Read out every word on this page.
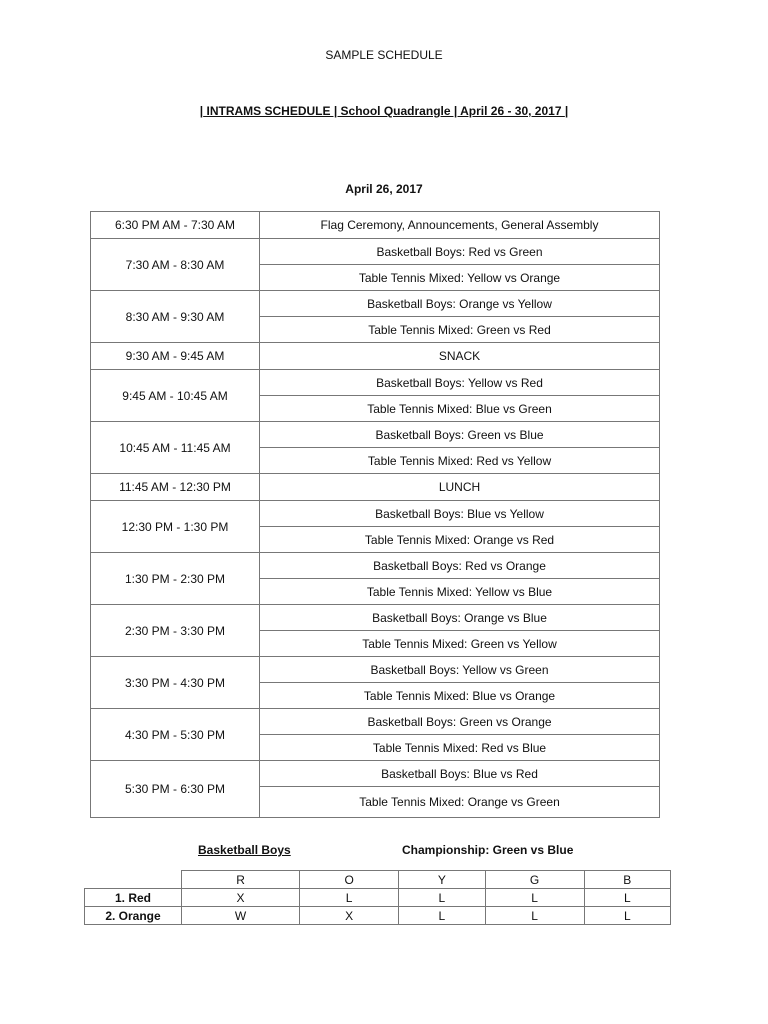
SAMPLE SCHEDULE
| INTRAMS SCHEDULE | School Quadrangle | April 26 - 30, 2017 |
April 26, 2017
6:30 PM AM - 7:30 AM	Flag Ceremony, Announcements, General Assembly
7:30 AM - 8:30 AM	Basketball Boys: Red vs Green
	Table Tennis Mixed: Yellow vs Orange
8:30 AM - 9:30 AM	Basketball Boys: Orange vs Yellow
	Table Tennis Mixed: Green vs Red
9:30 AM - 9:45 AM	SNACK
9:45 AM - 10:45 AM	Basketball Boys: Yellow vs Red
	Table Tennis Mixed: Blue vs Green
10:45 AM - 11:45 AM	Basketball Boys: Green vs Blue
	Table Tennis Mixed: Red vs Yellow
11:45 AM - 12:30 PM	LUNCH
12:30 PM - 1:30 PM	Basketball Boys: Blue vs Yellow
	Table Tennis Mixed: Orange vs Red
1:30 PM - 2:30 PM	Basketball Boys: Red vs Orange
	Table Tennis Mixed: Yellow vs Blue
2:30 PM - 3:30 PM	Basketball Boys: Orange vs Blue
	Table Tennis Mixed: Green vs Yellow
3:30 PM - 4:30 PM	Basketball Boys: Yellow vs Green
	Table Tennis Mixed: Blue vs Orange
4:30 PM - 5:30 PM	Basketball Boys: Green vs Orange
	Table Tennis Mixed: Red vs Blue
5:30 PM - 6:30 PM	Basketball Boys: Blue vs Red
	Table Tennis Mixed: Orange vs Green
Basketball Boys	Championship: Green vs Blue
	R	O	Y	G	B
1. Red	X	L	L	L	L
2. Orange	W	X	L	L	L
